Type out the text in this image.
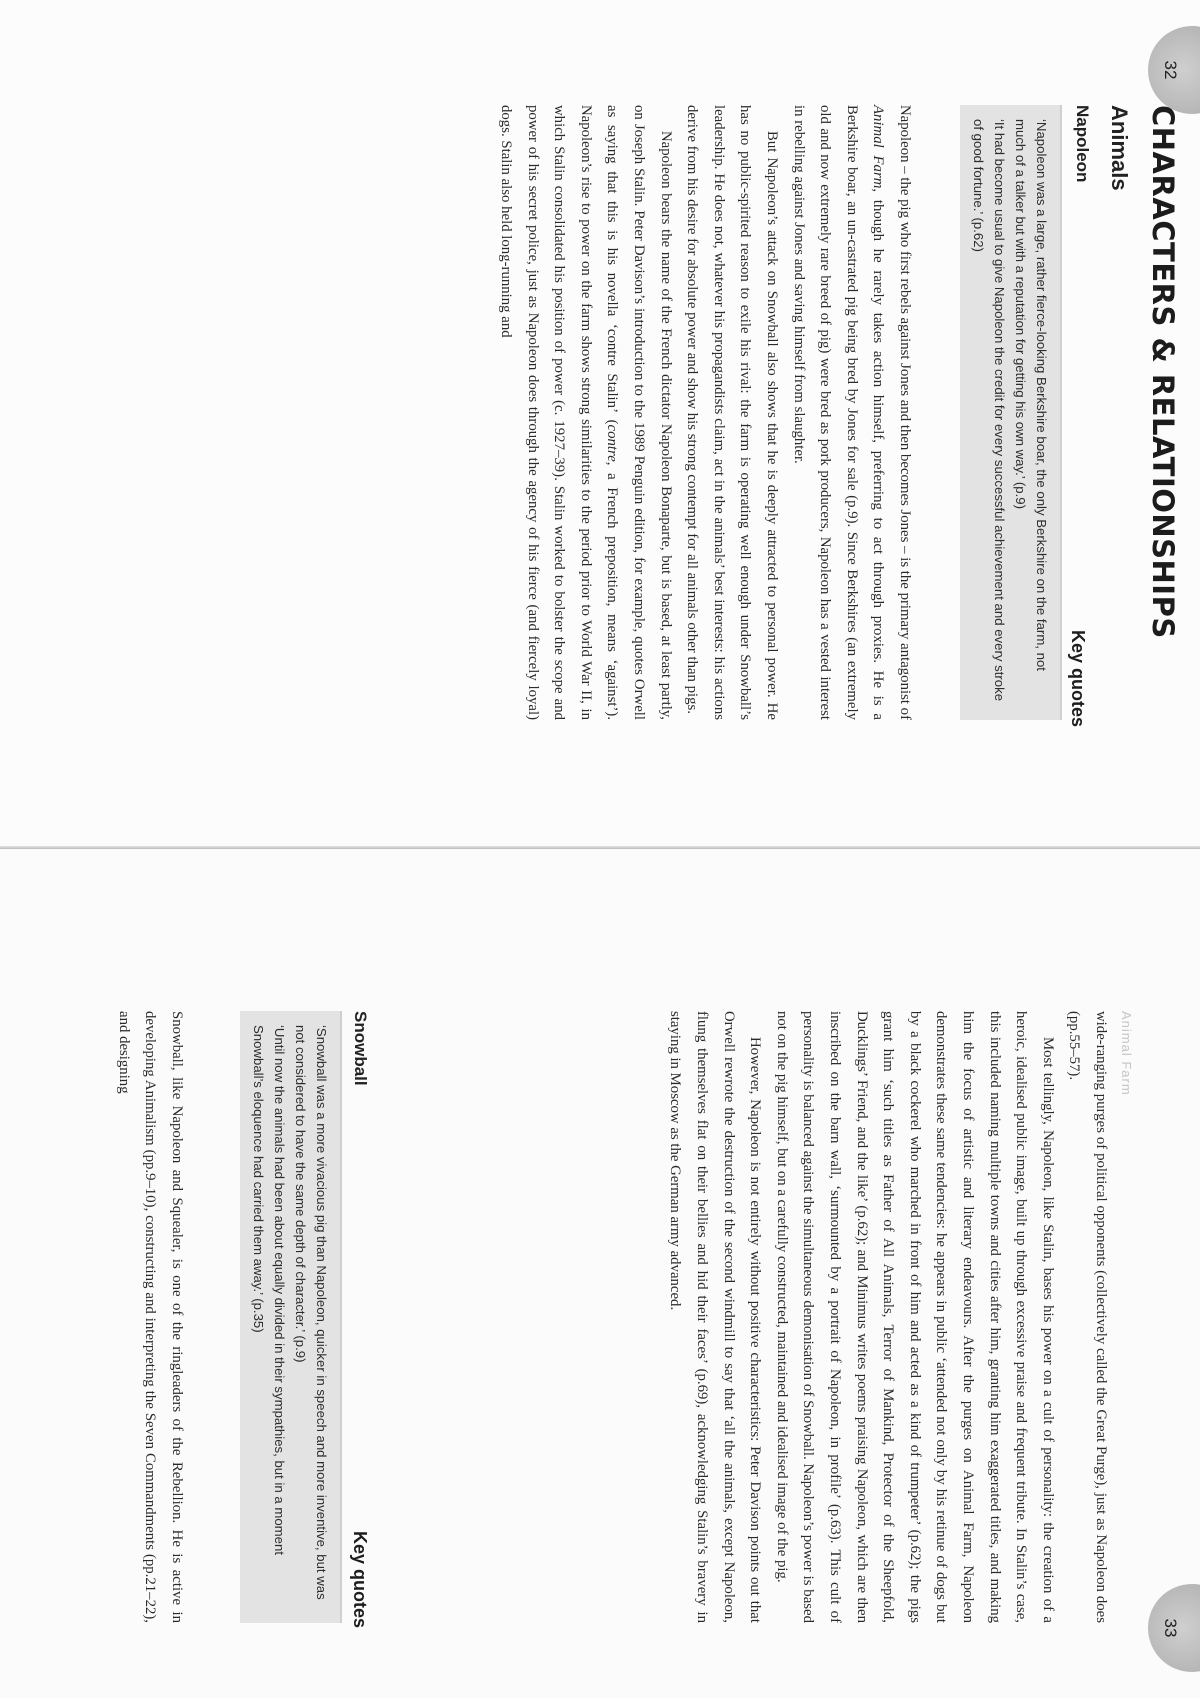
32
CHARACTERS & RELATIONSHIPS
Animals
Napoleon
Key quotes

‘Napoleon was a large, rather fierce-looking Berkshire boar, the only Berkshire on the farm, not much of a talker but with a reputation for getting his own way.’ (p.9)

‘It had become usual to give Napoleon the credit for every successful achievement and every stroke of good fortune.’ (p.62)

Napoleon – the pig who first rebels against Jones and then becomes Jones – is the primary antagonist of Animal Farm, though he rarely takes action himself, preferring to act through proxies. He is a Berkshire boar, an un-castrated pig being bred by Jones for sale (p.9). Since Berkshires (an extremely old and now extremely rare breed of pig) were bred as pork producers, Napoleon has a vested interest in rebelling against Jones and saving himself from slaughter.

But Napoleon’s attack on Snowball also shows that he is deeply attracted to personal power. He has no public-spirited reason to exile his rival: the farm is operating well enough under Snowball’s leadership. He does not, whatever his propagandists claim, act in the animals’ best interests: his actions derive from his desire for absolute power and show his strong contempt for all animals other than pigs.

Napoleon bears the name of the French dictator Napoleon Bonaparte, but is based, at least partly, on Joseph Stalin. Peter Davison’s introduction to the 1989 Penguin edition, for example, quotes Orwell as saying that this is his novella ‘contre Stalin’ (contre, a French preposition, means ‘against’). Napoleon’s rise to power on the farm shows strong similarities to the period prior to World War II, in which Stalin consolidated his position of power (c. 1927–39). Stalin worked to bolster the scope and power of his secret police, just as Napoleon does through the agency of his fierce (and fiercely loyal) dogs. Stalin also held long-running and

33
Animal Farm

wide-ranging purges of political opponents (collectively called the Great Purge), just as Napoleon does (pp.55–57).

Most tellingly, Napoleon, like Stalin, bases his power on a cult of personality: the creation of a heroic, idealised public image, built up through excessive praise and frequent tribute. In Stalin’s case, this included naming multiple towns and cities after him, granting him exaggerated titles, and making him the focus of artistic and literary endeavours. After the purges on Animal Farm, Napoleon demonstrates these same tendencies: he appears in public ‘attended not only by his retinue of dogs but by a black cockerel who marched in front of him and acted as a kind of trumpeter’ (p.62); the pigs grant him ‘such titles as Father of All Animals, Terror of Mankind, Protector of the Sheepfold, Ducklings’ Friend, and the like’ (p.62); and Minimus writes poems praising Napoleon, which are then inscribed on the barn wall, ‘surmounted by a portrait of Napoleon, in profile’ (p.63). This cult of personality is balanced against the simultaneous demonisation of Snowball. Napoleon’s power is based not on the pig himself, but on a carefully constructed, maintained and idealised image of the pig.

However, Napoleon is not entirely without positive characteristics: Peter Davison points out that Orwell rewrote the destruction of the second windmill to say that ‘all the animals, except Napoleon, flung themselves flat on their bellies and hid their faces’ (p.69), acknowledging Stalin’s bravery in staying in Moscow as the German army advanced.

Snowball
Key quotes

‘Snowball was a more vivacious pig than Napoleon, quicker in speech and more inventive, but was not considered to have the same depth of character.’ (p.9)

‘Until now the animals had been about equally divided in their sympathies, but in a moment Snowball’s eloquence had carried them away.’ (p.35)

Snowball, like Napoleon and Squealer, is one of the ringleaders of the Rebellion. He is active in developing Animalism (pp.9–10), constructing and interpreting the Seven Commandments (pp.21–22), and designing
